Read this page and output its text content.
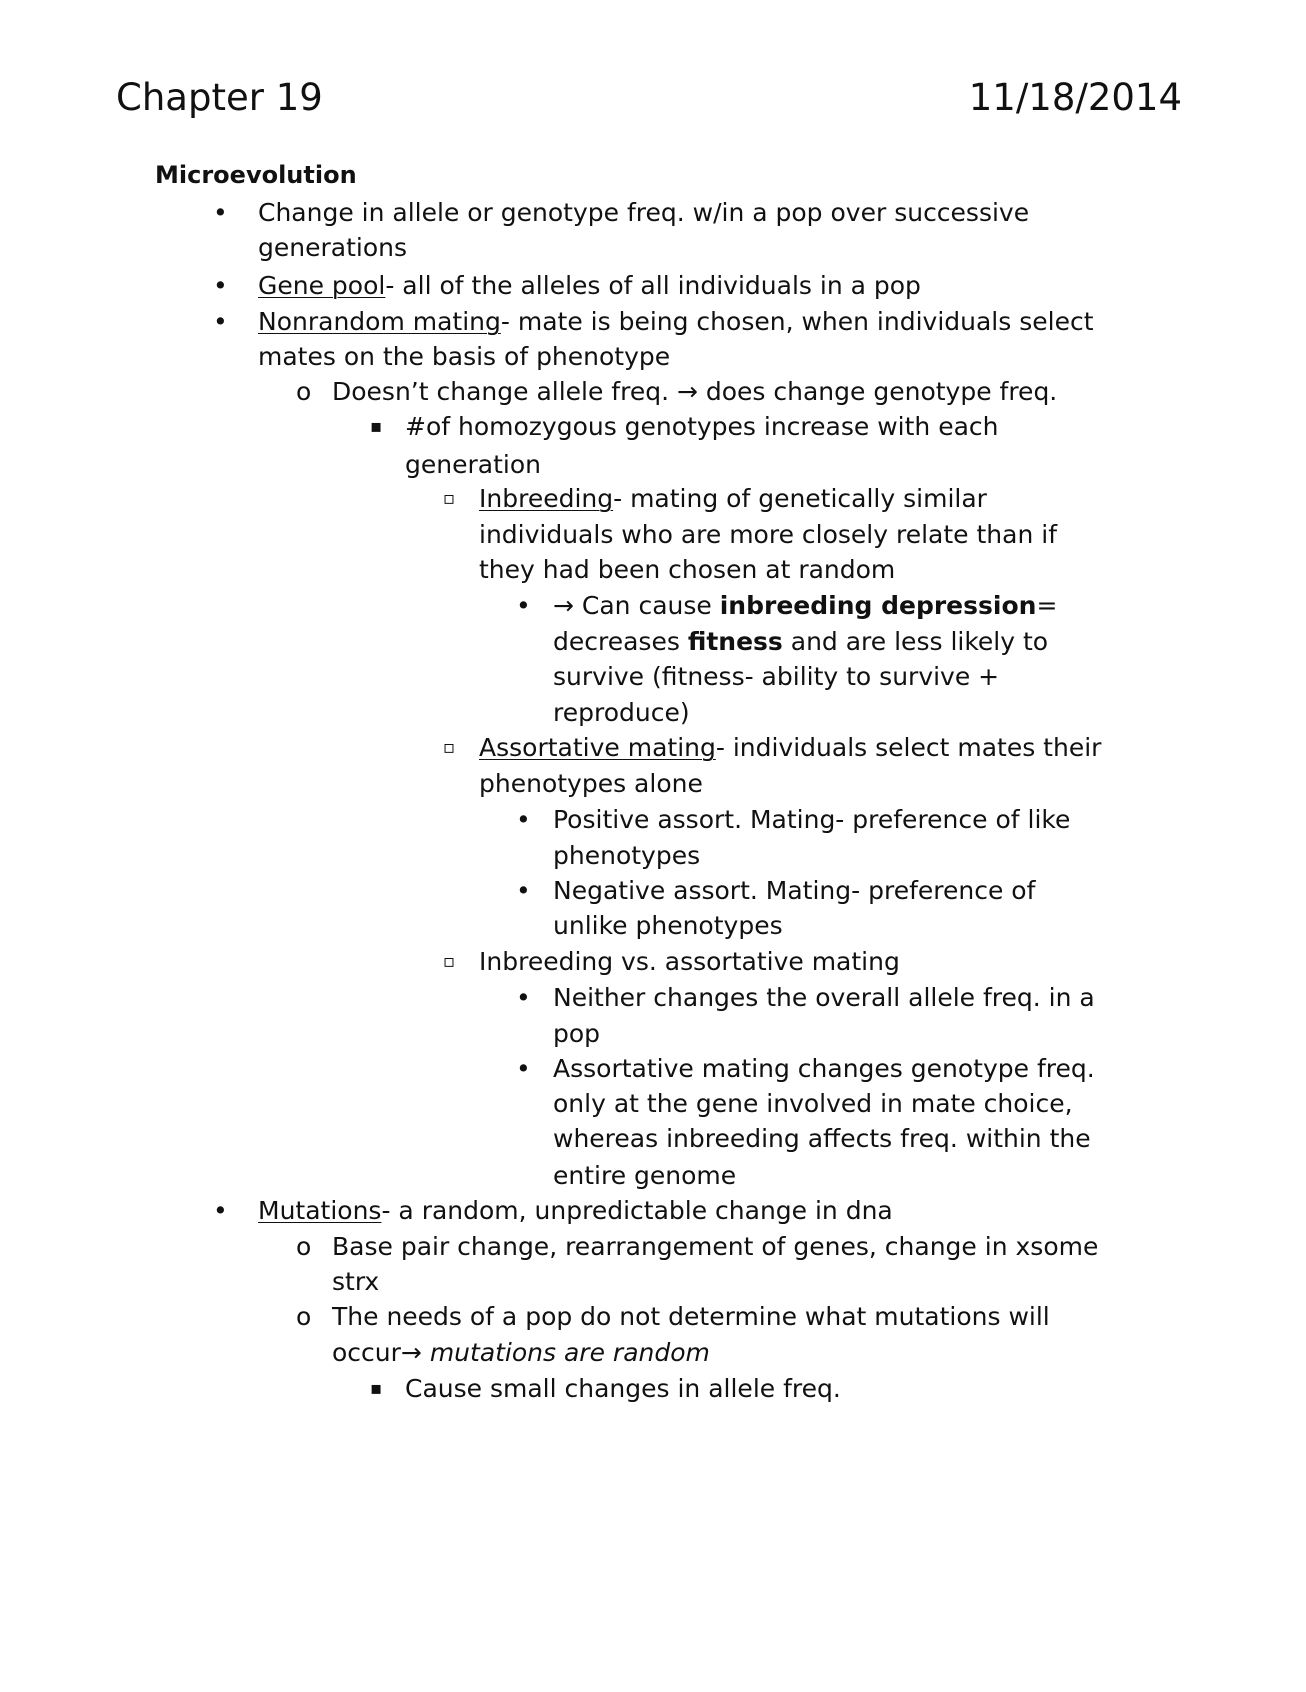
Chapter 19	11/18/2014
Microevolution
• Change in allele or genotype freq. w/in a pop over successive
generations
• Gene pool- all of the alleles of all individuals in a pop
• Nonrandom mating- mate is being chosen, when individuals select
mates on the basis of phenotype
o Doesn’t change allele freq. → does change genotype freq.
▪ #of homozygous genotypes increase with each
generation
▫ Inbreeding- mating of genetically similar
individuals who are more closely relate than if
they had been chosen at random
• → Can cause inbreeding depression=
decreases fitness and are less likely to
survive (fitness- ability to survive +
reproduce)
▫ Assortative mating- individuals select mates their
phenotypes alone
• Positive assort. Mating- preference of like
phenotypes
• Negative assort. Mating- preference of
unlike phenotypes
▫ Inbreeding vs. assortative mating
• Neither changes the overall allele freq. in a
pop
• Assortative mating changes genotype freq.
only at the gene involved in mate choice,
whereas inbreeding affects freq. within the
entire genome
• Mutations- a random, unpredictable change in dna
o Base pair change, rearrangement of genes, change in xsome
strx
o The needs of a pop do not determine what mutations will
occur→ mutations are random
▪ Cause small changes in allele freq.
